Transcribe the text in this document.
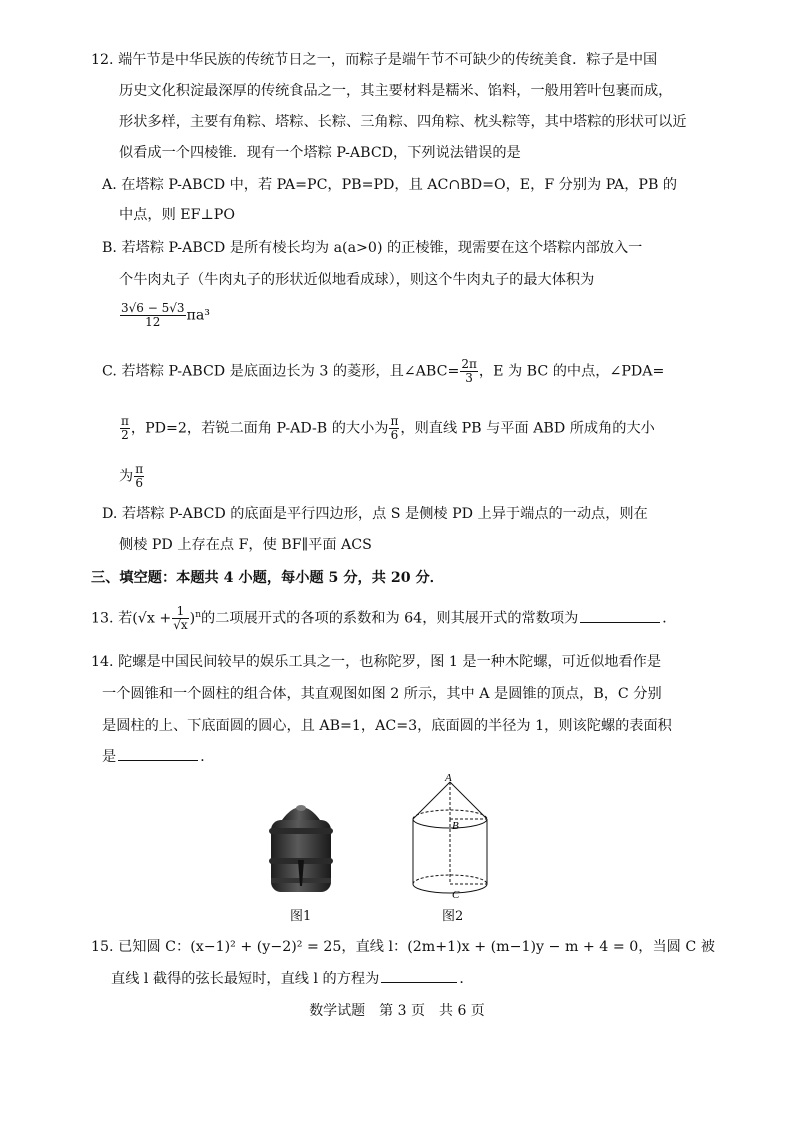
12. 端午节是中华民族的传统节日之一，而粽子是端午节不可缺少的传统美食．粽子是中国
历史文化积淀最深厚的传统食品之一，其主要材料是糯米、馅料，一般用箬叶包裹而成，
形状多样，主要有角粽、塔粽、长粽、三角粽、四角粽、枕头粽等，其中塔粽的形状可以近
似看成一个四棱锥．现有一个塔粽 P-ABCD，下列说法错误的是
A. 在塔粽 P-ABCD 中，若 PA=PC，PB=PD，且 AC∩BD=O，E，F 分别为 PA，PB 的
中点，则 EF⊥PO
B. 若塔粽 P-ABCD 是所有棱长均为 a(a>0) 的正棱锥，现需要在这个塔粽内部放入一
个牛肉丸子（牛肉丸子的形状近似地看成球），则这个牛肉丸子的最大体积为
$\frac{3√6 - 5√3}{12} \pi a^3$
C. 若塔粽 P-ABCD 是底面边长为 3 的菱形，且∠ABC= $\frac{2\pi}{3}$ ，E 为 BC 的中点，∠PDA=
$\frac{\pi}{2}$ ，PD=2，若锐二面角 P-AD-B 的大小为 $\frac{\pi}{6}$ ，则直线 PB 与平面 ABD 所成角的大小
为 $\frac{\pi}{6}$
D. 若塔粽 P-ABCD 的底面是平行四边形，点 S 是侧棱 PD 上异于端点的一动点，则在
侧棱 PD 上存在点 F，使 BF∥平面 ACS
三、填空题：本题共 4 小题，每小题 5 分，共 20 分．
13. 若$(√x + \frac{1}{√x} )^n$的二项展开式的各项的系数和为 64，则其展开式的常数项为	．
14. 陀螺是中国民间较早的娱乐工具之一，也称陀罗，图 1 是一种木陀螺，可近似地看作是
一个圆锥和一个圆柱的组合体，其直观图如图 2 所示，其中 A 是圆锥的顶点，B，C 分别
是圆柱的上、下底面圆的圆心，且 AB=1，AC=3，底面圆的半径为 1，则该陀螺的表面积
是	．
图1
A
B
C
图2
15. 已知圆 C：(x−1)² + (y−2)² = 25，直线 l：(2m+1)x + (m−1)y − m + 4 = 0，当圆 C 被
直线 l 截得的弦长最短时，直线 l 的方程为	．
数学试题　第 3 页　共 6 页
